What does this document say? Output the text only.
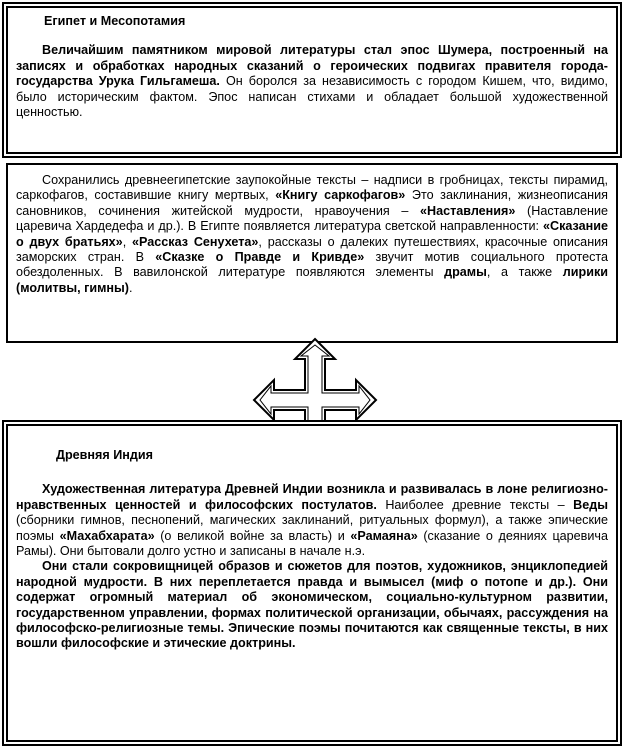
Египет и Месопотамия

Величайшим памятником мировой литературы стал эпос Шумера, построенный на записях и обработках народных сказаний о героических подвигах правителя города-государства Урука Гильгамеша. Он боролся за независимость с городом Кишем, что, видимо, было историческим фактом. Эпос написан стихами и обладает большой художественной ценностью.

Сохранились древнеегипетские заупокойные тексты – надписи в гробницах, тексты пирамид, саркофагов, составившие книгу мертвых, «Книгу саркофагов» Это заклинания, жизнеописания сановников, сочинения житейской мудрости, нравоучения – «Наставления» (Наставление царевича Хардедефа и др.). В Египте появляется литература светской направленности: «Сказание о двух братьях», «Рассказ Сенухета», рассказы о далеких путешествиях, красочные описания заморских стран. В «Сказке о Правде и Кривде» звучит мотив социального протеста обездоленных. В вавилонской литературе появляются элементы драмы, а также лирики (молитвы, гимны).

Древняя Индия

Художественная литература Древней Индии возникла и развивалась в лоне религиозно-нравственных ценностей и философских постулатов. Наиболее древние тексты – Веды (сборники гимнов, песнопений, магических заклинаний, ритуальных формул), а также эпические поэмы «Махабхарата» (о великой войне за власть) и «Рамаяна» (сказание о деяниях царевича Рамы). Они бытовали долго устно и записаны в начале н.э.

Они стали сокровищницей образов и сюжетов для поэтов, художников, энциклопедией народной мудрости. В них переплетается правда и вымысел (миф о потопе и др.). Они содержат огромный материал об экономическом, социально-культурном развитии, государственном управлении, формах политической организации, обычаях, рассуждения на философско-религиозные темы. Эпические поэмы почитаются как священные тексты, в них вошли философские и этические доктрины.
